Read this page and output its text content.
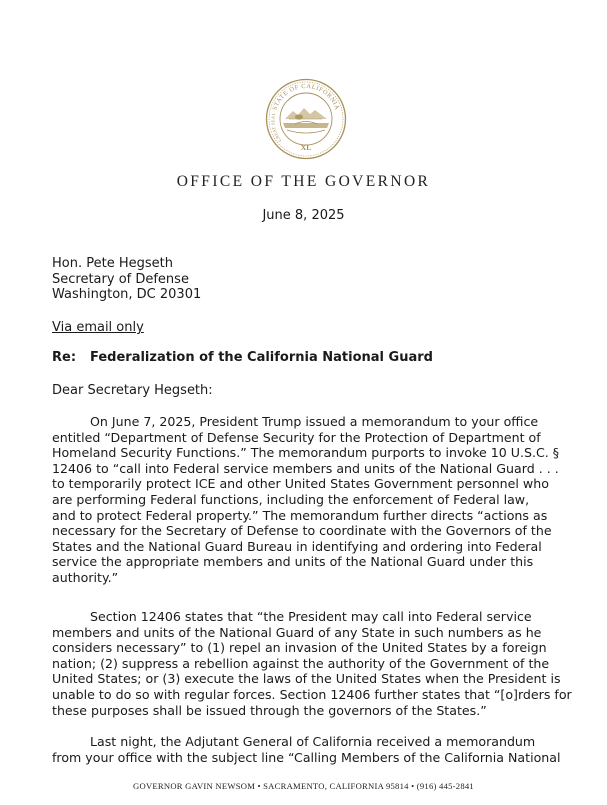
STATE OF CALIFORNIA
GREAT SEAL
XL
OFFICE OF THE GOVERNOR
June 8, 2025
Hon. Pete Hegseth
Secretary of Defense
Washington, DC 20301
Via email only
Re: Federalization of the California National Guard
Dear Secretary Hegseth:
On June 7, 2025, President Trump issued a memorandum to your office
entitled “Department of Defense Security for the Protection of Department of
Homeland Security Functions.” The memorandum purports to invoke 10 U.S.C. §
12406 to “call into Federal service members and units of the National Guard . . .
to temporarily protect ICE and other United States Government personnel who
are performing Federal functions, including the enforcement of Federal law,
and to protect Federal property.” The memorandum further directs “actions as
necessary for the Secretary of Defense to coordinate with the Governors of the
States and the National Guard Bureau in identifying and ordering into Federal
service the appropriate members and units of the National Guard under this
authority.”
Section 12406 states that “the President may call into Federal service
members and units of the National Guard of any State in such numbers as he
considers necessary” to (1) repel an invasion of the United States by a foreign
nation; (2) suppress a rebellion against the authority of the Government of the
United States; or (3) execute the laws of the United States when the President is
unable to do so with regular forces. Section 12406 further states that “[o]rders for
these purposes shall be issued through the governors of the States.”
Last night, the Adjutant General of California received a memorandum
from your office with the subject line “Calling Members of the California National
GOVERNOR GAVIN NEWSOM • SACRAMENTO, CALIFORNIA 95814 • (916) 445-2841
